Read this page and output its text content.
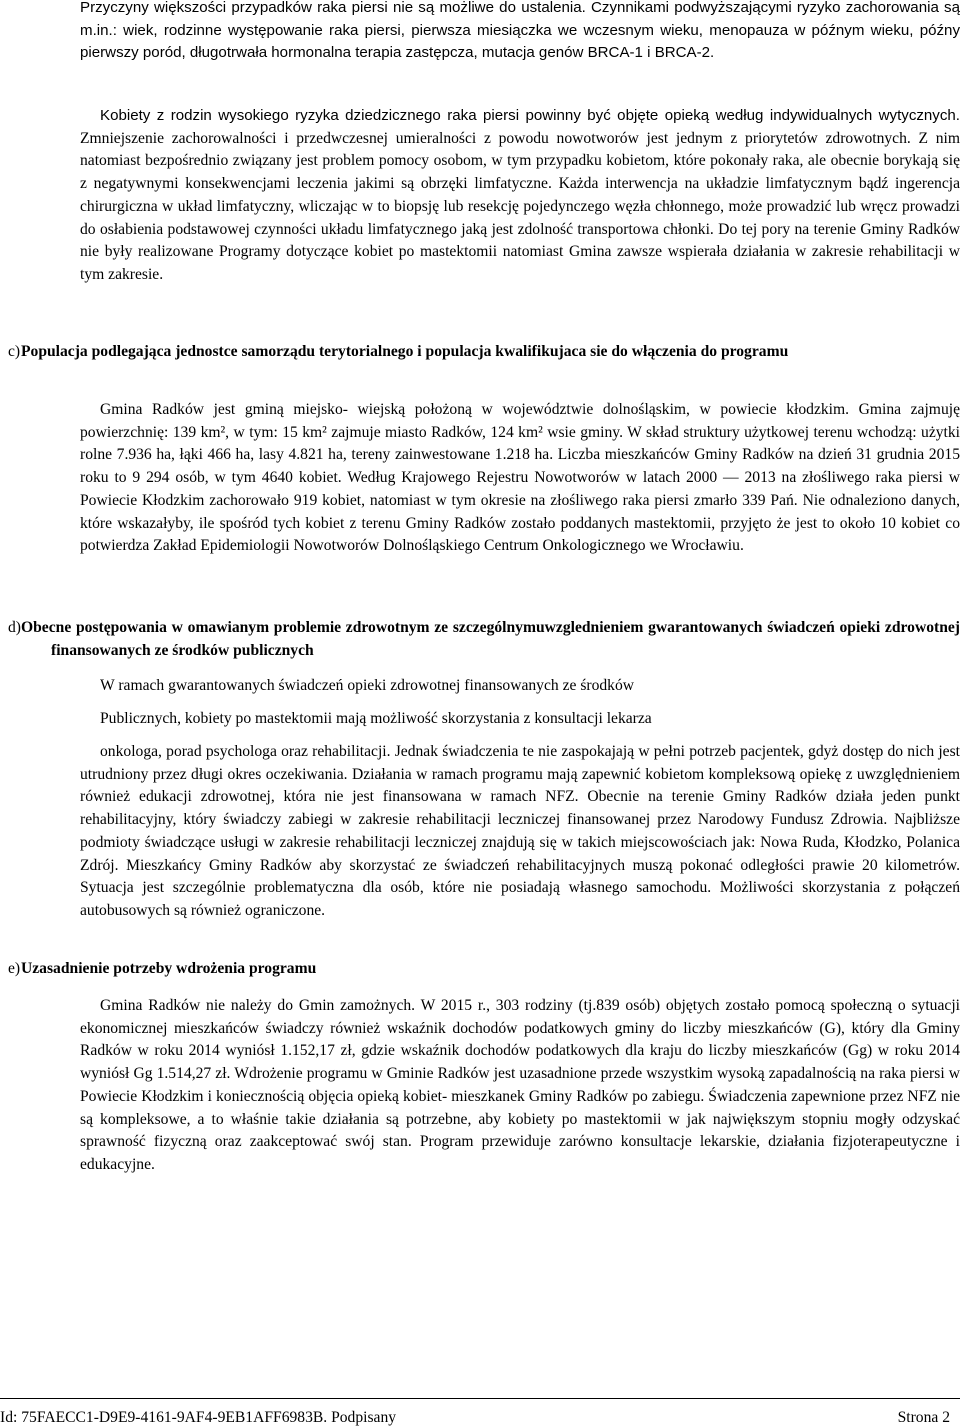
Przyczyny większości przypadków raka piersi nie są możliwe do ustalenia. Czynnikami podwyższającymi ryzyko zachorowania są m.in.: wiek, rodzinne występowanie raka piersi, pierwsza miesiączka we wczesnym wieku, menopauza w późnym wieku, późny pierwszy poród, długotrwała hormonalna terapia zastępcza, mutacja genów BRCA-1 i BRCA-2.

Kobiety z rodzin wysokiego ryzyka dziedzicznego raka piersi powinny być objęte opieką według indywidualnych wytycznych. Zmniejszenie zachorowalności i przedwczesnej umieralności z powodu nowotworów jest jednym z priorytetów zdrowotnych. Z nim natomiast bezpośrednio związany jest problem pomocy osobom, w tym przypadku kobietom, które pokonały raka, ale obecnie borykają się z negatywnymi konsekwencjami leczenia jakimi są obrzęki limfatyczne. Każda interwencja na układzie limfatycznym bądź ingerencja chirurgiczna w układ limfatyczny, wliczając w to biopsję lub resekcję pojedynczego węzła chłonnego, może prowadzić lub wręcz prowadzi do osłabienia podstawowej czynności układu limfatycznego jaką jest zdolność transportowa chłonki. Do tej pory na terenie Gminy Radków nie były realizowane Programy dotyczące kobiet po mastektomii natomiast Gmina zawsze wspierała działania w zakresie rehabilitacji w tym zakresie.

c) Populacja podlegająca jednostce samorządu terytorialnego i populacja kwalifikujaca sie do włączenia do programu

Gmina Radków jest gminą miejsko- wiejską położoną w województwie dolnośląskim, w powiecie kłodzkim. Gmina zajmuję powierzchnię: 139 km², w tym: 15 km² zajmuje miasto Radków, 124 km² wsie gminy. W skład struktury użytkowej terenu wchodzą: użytki rolne 7.936 ha, łąki 466 ha, lasy 4.821 ha, tereny zainwestowane 1.218 ha. Liczba mieszkańców Gminy Radków na dzień 31 grudnia 2015 roku to 9 294 osób, w tym 4640 kobiet. Według Krajowego Rejestru Nowotworów w latach 2000 — 2013 na złośliwego raka piersi w Powiecie Kłodzkim zachorowało 919 kobiet, natomiast w tym okresie na złośliwego raka piersi zmarło 339 Pań. Nie odnaleziono danych, które wskazałyby, ile spośród tych kobiet z terenu Gminy Radków zostało poddanych mastektomii, przyjęto że jest to około 10 kobiet co potwierdza Zakład Epidemiologii Nowotworów Dolnośląskiego Centrum Onkologicznego we Wrocławiu.

d) Obecne postępowania w omawianym problemie zdrowotnym ze szczególnymuwzglednieniem gwarantowanych świadczeń opieki zdrowotnej finansowanych ze środków publicznych

W ramach gwarantowanych świadczeń opieki zdrowotnej finansowanych ze środków

Publicznych, kobiety po mastektomii mają możliwość skorzystania z konsultacji lekarza

onkologa, porad psychologa oraz rehabilitacji. Jednak świadczenia te nie zaspokajają w pełni potrzeb pacjentek, gdyż dostęp do nich jest utrudniony przez długi okres oczekiwania. Działania w ramach programu mają zapewnić kobietom kompleksową opiekę z uwzględnieniem również edukacji zdrowotnej, która nie jest finansowana w ramach NFZ. Obecnie na terenie Gminy Radków działa jeden punkt rehabilitacyjny, który świadczy zabiegi w zakresie rehabilitacji leczniczej finansowanej przez Narodowy Fundusz Zdrowia. Najbliższe podmioty świadczące usługi w zakresie rehabilitacji leczniczej znajdują się w takich miejscowościach jak: Nowa Ruda, Kłodzko, Polanica Zdrój. Mieszkańcy Gminy Radków aby skorzystać ze świadczeń rehabilitacyjnych muszą pokonać odległości prawie 20 kilometrów. Sytuacja jest szczególnie problematyczna dla osób, które nie posiadają własnego samochodu. Możliwości skorzystania z połączeń autobusowych są również ograniczone.

e) Uzasadnienie potrzeby wdrożenia programu

Gmina Radków nie należy do Gmin zamożnych. W 2015 r., 303 rodziny (tj.839 osób) objętych zostało pomocą społeczną o sytuacji ekonomicznej mieszkańców świadczy również wskaźnik dochodów podatkowych gminy do liczby mieszkańców (G), który dla Gminy Radków w roku 2014 wyniósł 1.152,17 zł, gdzie wskaźnik dochodów podatkowych dla kraju do liczby mieszkańców (Gg) w roku 2014 wyniósł Gg 1.514,27 zł. Wdrożenie programu w Gminie Radków jest uzasadnione przede wszystkim wysoką zapadalnością na raka piersi w Powiecie Kłodzkim i koniecznością objęcia opieką kobiet- mieszkanek Gminy Radków po zabiegu. Świadczenia zapewnione przez NFZ nie są kompleksowe, a to właśnie takie działania są potrzebne, aby kobiety po mastektomii w jak największym stopniu mogły odzyskać sprawność fizyczną oraz zaakceptować swój stan. Program przewiduje zarówno konsultacje lekarskie, działania fizjoterapeutyczne i edukacyjne.

Id: 75FAECC1-D9E9-4161-9AF4-9EB1AFF6983B. Podpisany	Strona 2
